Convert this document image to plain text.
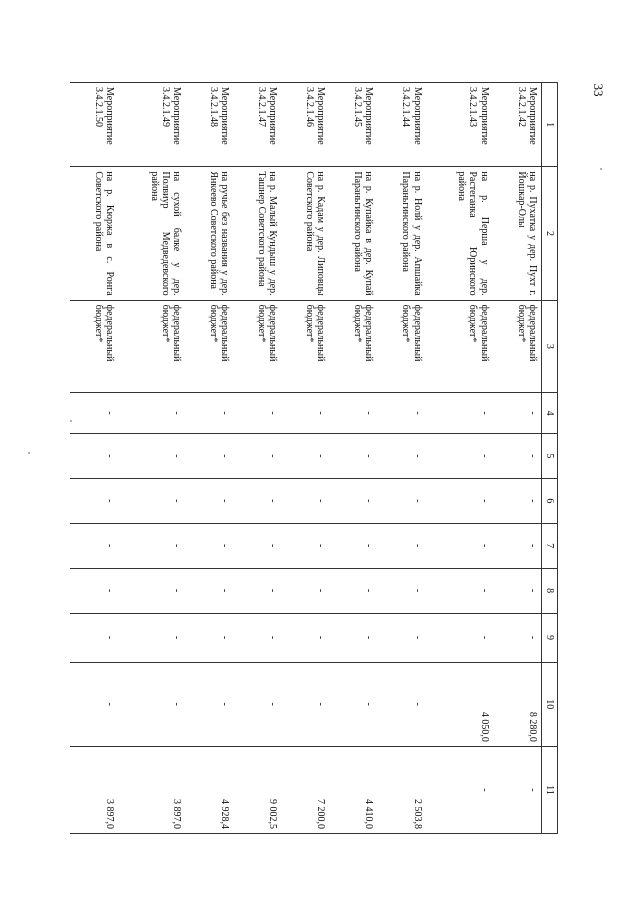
33
1	2	3	4	5	6	7	8	9	10	11
Мероприятие 3.4.2.1.42	на р. Пухатка у дер. Пухт г. Йошкар-Олы	федеральный бюджет*	-	-	-	-	-	-	8 280,0	-
Мероприятие 3.4.2.1.43	на р. Перша у дер. Растеганка Юринского района	федеральный бюджет*	-	-	-	-	-	-	4 050,0	-
Мероприятие 3.4.2.1.44	на р. Нолй у дер. Апшайка Параньгинского района	федеральный бюджет*	-	-	-	-	-	-	-	2 503,8
Мероприятие 3.4.2.1.45	на р. Купайка в дер. Купай Параньгинского района	федеральный бюджет*	-	-	-	-	-	-	-	4 410,0
Мероприятие 3.4.2.1.46	на р. Кадам у дер. Липовцы Советского района	федеральный бюджет*	-	-	-	-	-	-	-	7 200,0
Мероприятие 3.4.2.1.47	на р. Малый Кундыш у дер. Ташнер Советского района	федеральный бюджет*	-	-	-	-	-	-	-	9 002,5
Мероприятие 3.4.2.1.48	на ручье без названия у дер. Янкеево Советского района	федеральный бюджет*	-	-	-	-	-	-	-	4 928,4
Мероприятие 3.4.2.1.49	на сухой балке у дер. Полвиур Медведевского района	федеральный бюджет*	-	-	-	-	-	-	-	3 897,0
Мероприятие 3.4.2.1.50	на р. Кюржа в с. Ронга Советского района	федеральный бюджет*	-	-	-	-	-	-	-	3 897,0
